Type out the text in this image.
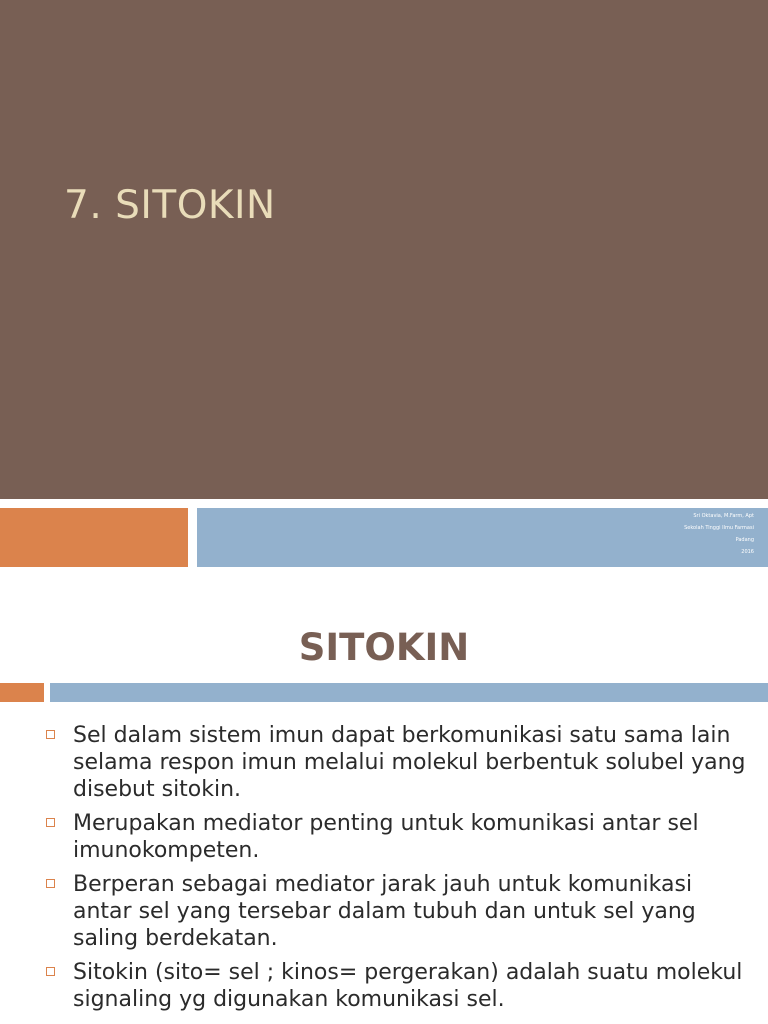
7. SITOKIN
Sri Oktavia, M.Farm, Apt
Sekolah Tinggi Ilmu Farmasi
Padang
2016
SITOKIN
Sel dalam sistem imun dapat berkomunikasi satu sama lain selama respon imun melalui molekul berbentuk solubel yang disebut sitokin.
Merupakan mediator penting untuk komunikasi antar sel imunokompeten.
Berperan sebagai mediator jarak jauh untuk komunikasi antar sel yang tersebar dalam tubuh dan untuk sel yang saling berdekatan.
Sitokin (sito= sel ; kinos= pergerakan) adalah suatu molekul signaling yg digunakan komunikasi sel.
